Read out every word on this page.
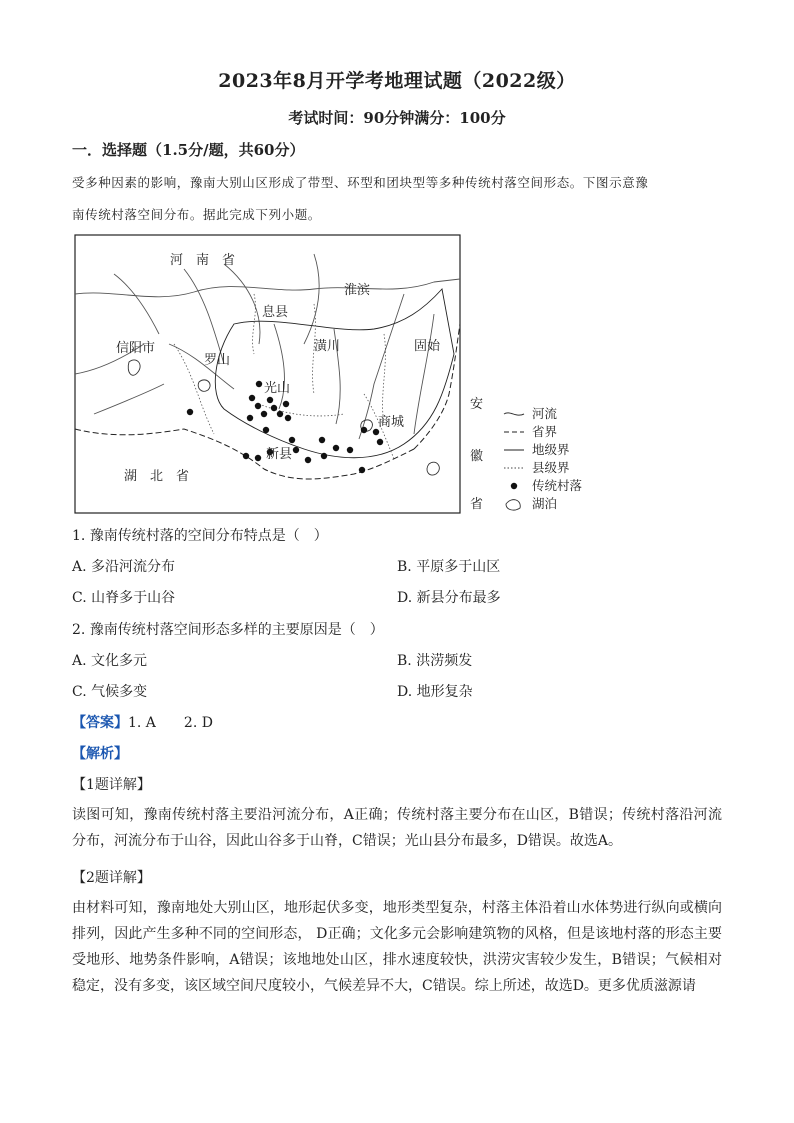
2023年8月开学考地理试题（2022级）
考试时间：90分钟满分：100分
一．选择题（1.5分/题，共60分）
受多种因素的影响，豫南大别山区形成了带型、环型和团块型等多种传统村落空间形态。下图示意豫
南传统村落空间分布。据此完成下列小题。
河　南　省
淮滨
息县
信阳市
罗山
潢川	固始
光山
商城
新县
湖　北　省
安
徽
省
河流
省界
地级界
县级界
传统村落
湖泊
1. 豫南传统村落的空间分布特点是（　）
A. 多沿河流分布	B. 平原多于山区
C. 山脊多于山谷	D. 新县分布最多
2. 豫南传统村落空间形态多样的主要原因是（　）
A. 文化多元	B. 洪涝频发
C. 气候多变	D. 地形复杂
【答案】1. A　　2. D
【解析】
【1题详解】
读图可知，豫南传统村落主要沿河流分布，A正确；传统村落主要分布在山区，B错误；传统村落沿河流分布，河流分布于山谷，因此山谷多于山脊，C错误；光山县分布最多，D错误。故选A。
【2题详解】
由材料可知，豫南地处大别山区，地形起伏多变，地形类型复杂，村落主体沿着山水体势进行纵向或横向排列，因此产生多种不同的空间形态， D正确；文化多元会影响建筑物的风格，但是该地村落的形态主要受地形、地势条件影响，A错误；该地地处山区，排水速度较快，洪涝灾害较少发生，B错误；气候相对稳定，没有多变，该区域空间尺度较小，气候差异不大，C错误。综上所述，故选D。更多优质滋源请
